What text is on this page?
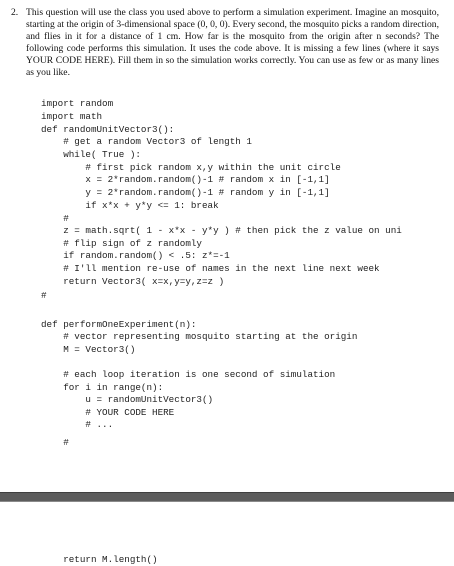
2. This question will use the class you used above to perform a simulation experiment. Imagine an mosquito, starting at the origin of 3-dimensional space (0, 0, 0). Every second, the mosquito picks a random direction, and flies in it for a distance of 1 cm. How far is the mosquito from the origin after n seconds? The following code performs this simulation. It uses the code above. It is missing a few lines (where it says YOUR CODE HERE). Fill them in so the simulation works correctly. You can use as few or as many lines as you like.

import random

import math

def randomUnitVector3():

# get a random Vector3 of length 1

while( True ):

# first pick random x,y within the unit circle

x = 2*random.random()-1 # random x in [-1,1]

y = 2*random.random()-1 # random y in [-1,1]

if x*x + y*y <= 1: break

#

z = math.sqrt( 1 - x*x - y*y ) # then pick the z value on uni

# flip sign of z randomly

if random.random() < .5: z*=-1

# I'll mention re-use of names in the next line next week

return Vector3( x=x,y=y,z=z )

#

def performOneExperiment(n):

# vector representing mosquito starting at the origin

M = Vector3()

# each loop iteration is one second of simulation

for i in range(n):

u = randomUnitVector3()

# YOUR CODE HERE

# ...

#

return M.length()
